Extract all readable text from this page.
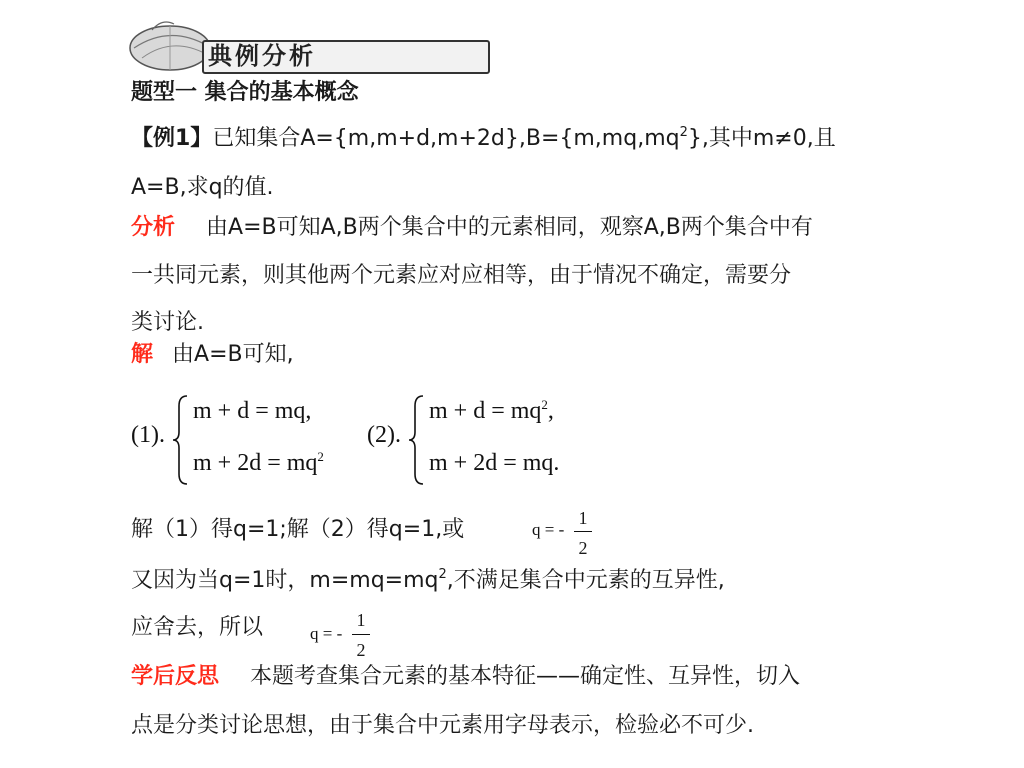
典例分析
题型一 集合的基本概念
【例1】已知集合$A=\{m,m+d,m+2d\},B=\{m,mq,mq^2\}$,其中m≠0,且
A=B,求q的值.
分析 由A=B可知A,B两个集合中的元素相同，观察A,B两个集合中有
一共同元素，则其他两个元素应对应相等，由于情况不确定，需要分
类讨论.
解 由A=B可知,
(1).
m + d = mq,
$m + 2d = mq^2$
(2).
$m + d = mq^2$,
m + 2d = mq.
解（1）得q=1;解（2）得q=1,或	q = -
1
2
又因为当q=1时，$m=mq=mq^2$,不满足集合中元素的互异性,
应舍去，所以	q = -
1
2
学后反思 本题考查集合元素的基本特征——确定性、互异性，切入
点是分类讨论思想，由于集合中元素用字母表示，检验必不可少.
